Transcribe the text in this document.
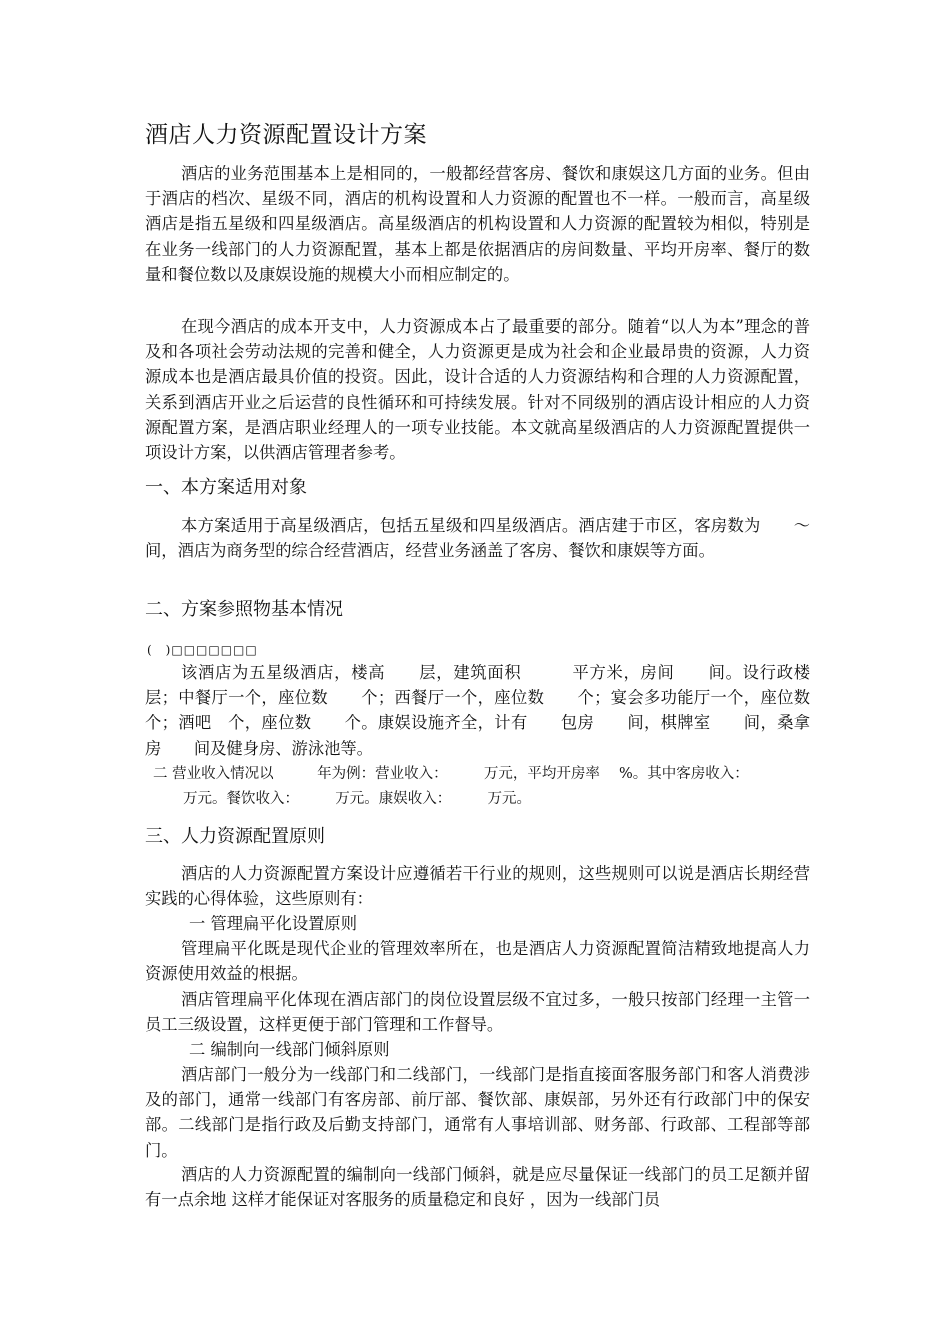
酒店人力资源配置设计方案

酒店的业务范围基本上是相同的，一般都经营客房、餐饮和康娱这几方面的业务。但由于酒店的档次、星级不同，酒店的机构设置和人力资源的配置也不一样。一般而言，高星级酒店是指五星级和四星级酒店。高星级酒店的机构设置和人力资源的配置较为相似，特别是在业务一线部门的人力资源配置，基本上都是依据酒店的房间数量、平均开房率、餐厅的数量和餐位数以及康娱设施的规模大小而相应制定的。

在现今酒店的成本开支中，人力资源成本占了最重要的部分。随着“以人为本”理念的普及和各项社会劳动法规的完善和健全，人力资源更是成为社会和企业最昂贵的资源，人力资源成本也是酒店最具价值的投资。因此，设计合适的人力资源结构和合理的人力资源配置，关系到酒店开业之后运营的良性循环和可持续发展。针对不同级别的酒店设计相应的人力资源配置方案，是酒店职业经理人的一项专业技能。本文就高星级酒店的人力资源配置提供一项设计方案，以供酒店管理者参考。

一、本方案适用对象

本方案适用于高星级酒店，包括五星级和四星级酒店。酒店建于市区，客房数为　　～　　间，酒店为商务型的综合经营酒店，经营业务涵盖了客房、餐饮和康娱等方面。

二、方案参照物基本情况
(　)□□□□□□□

该酒店为五星级酒店，楼高　　层，建筑面积　　　平方米，房间　　间。设行政楼层；中餐厅一个，座位数　　个；西餐厅一个，座位数　　个；宴会多功能厅一个，座位数　　个；酒吧　个，座位数　　个。康娱设施齐全，计有　　包房　　间，棋牌室　　间，桑拿房　　间及健身房、游泳池等。

二 营业收入情况以　　　年为例：营业收入：　　　万元，平均开房率　 %。其中客房收入：
万元。餐饮收入：　　　万元。康娱收入：　　　万元。
三、人力资源配置原则

酒店的人力资源配置方案设计应遵循若干行业的规则，这些规则可以说是酒店长期经营实践的心得体验，这些原则有：

一 管理扁平化设置原则

管理扁平化既是现代企业的管理效率所在，也是酒店人力资源配置简洁精致地提高人力资源使用效益的根据。

酒店管理扁平化体现在酒店部门的岗位设置层级不宜过多，一般只按部门经理一主管一员工三级设置，这样更便于部门管理和工作督导。

二 编制向一线部门倾斜原则

酒店部门一般分为一线部门和二线部门，一线部门是指直接面客服务部门和客人消费涉及的部门，通常一线部门有客房部、前厅部、餐饮部、康娱部，另外还有行政部门中的保安部。二线部门是指行政及后勤支持部门，通常有人事培训部、财务部、行政部、工程部等部门。

酒店的人力资源配置的编制向一线部门倾斜，就是应尽量保证一线部门的员工足额并留有一点余地 这样才能保证对客服务的质量稳定和良好 ，因为一线部门员
